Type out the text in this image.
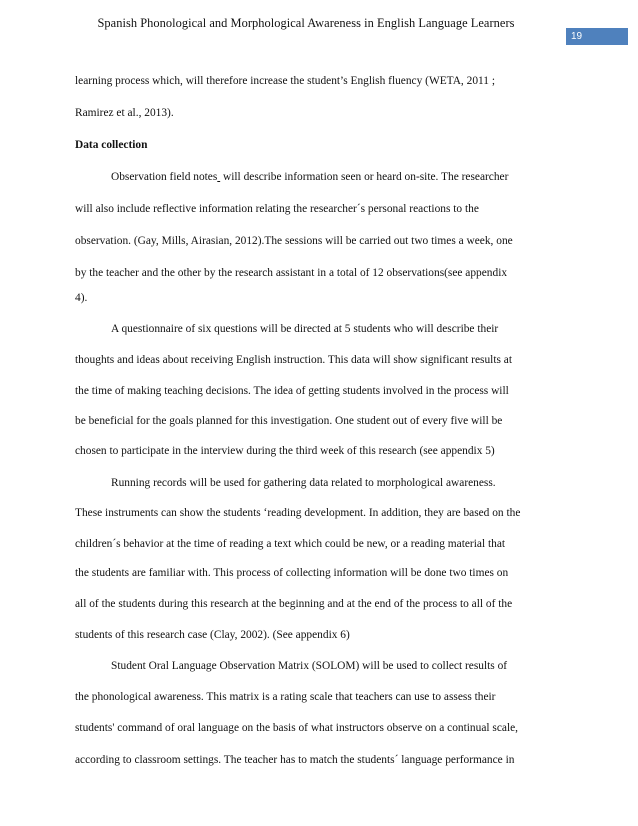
Spanish Phonological and Morphological Awareness in English Language Learners
19
learning process which, will therefore increase the student’s English fluency (WETA, 2011 ;
Ramirez et al., 2013).
Data collection
Observation field notes  will describe information seen or heard on-site. The researcher
will also include reflective information relating the researcher´s personal reactions to the
observation. (Gay, Mills, Airasian, 2012).The sessions will be carried out two times a week, one
by the teacher and the other by the research assistant in a total of 12 observations(see appendix
4).
A questionnaire of six questions will be directed at 5 students who will describe their
thoughts and ideas about receiving English instruction. This data will show significant results at
the time of making teaching decisions. The idea of getting students involved in the process will
be beneficial for the goals planned for this investigation. One student out of every five will be
chosen to participate in the interview during the third week of this research (see appendix 5)
Running records will be used for gathering data related to morphological awareness.
These instruments can show the students ‘reading development. In addition, they are based on the
children´s behavior at the time of reading a text which could be new, or a reading material that
the students are familiar with. This process of collecting information will be done two times on
all of the students during this research at the beginning and at the end of the process to all of the
students of this research case (Clay, 2002). (See appendix 6)
Student Oral Language Observation Matrix (SOLOM) will be used to collect results of
the phonological awareness. This matrix is a rating scale that teachers can use to assess their
students' command of oral language on the basis of what instructors observe on a continual scale,
according to classroom settings. The teacher has to match the students´ language performance in
